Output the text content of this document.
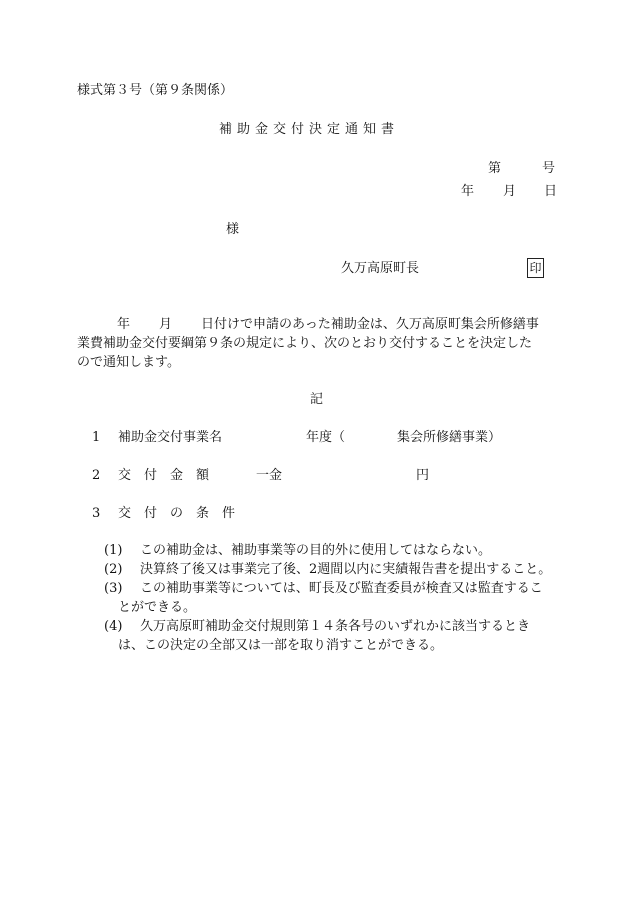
様式第３号（第９条関係）
補助金交付決定通知書
第	号
年 月 日
様
久万高原町長	印
年 月 日付けで申請のあった補助金は、久万高原町集会所修繕事
業費補助金交付要綱第９条の規定により、次のとおり交付することを決定した
ので通知します。
記
1 補助金交付事業名	年度（	集会所修繕事業）
2 交　付　金　額	一金	円
3 交　付　の　条　件
(1) この補助金は、補助事業等の目的外に使用してはならない。
(2) 決算終了後又は事業完了後、2週間以内に実績報告書を提出すること。
(3) この補助事業等については、町長及び監査委員が検査又は監査するこ
とができる。
(4) 久万高原町補助金交付規則第１４条各号のいずれかに該当するとき
は、この決定の全部又は一部を取り消すことができる。
